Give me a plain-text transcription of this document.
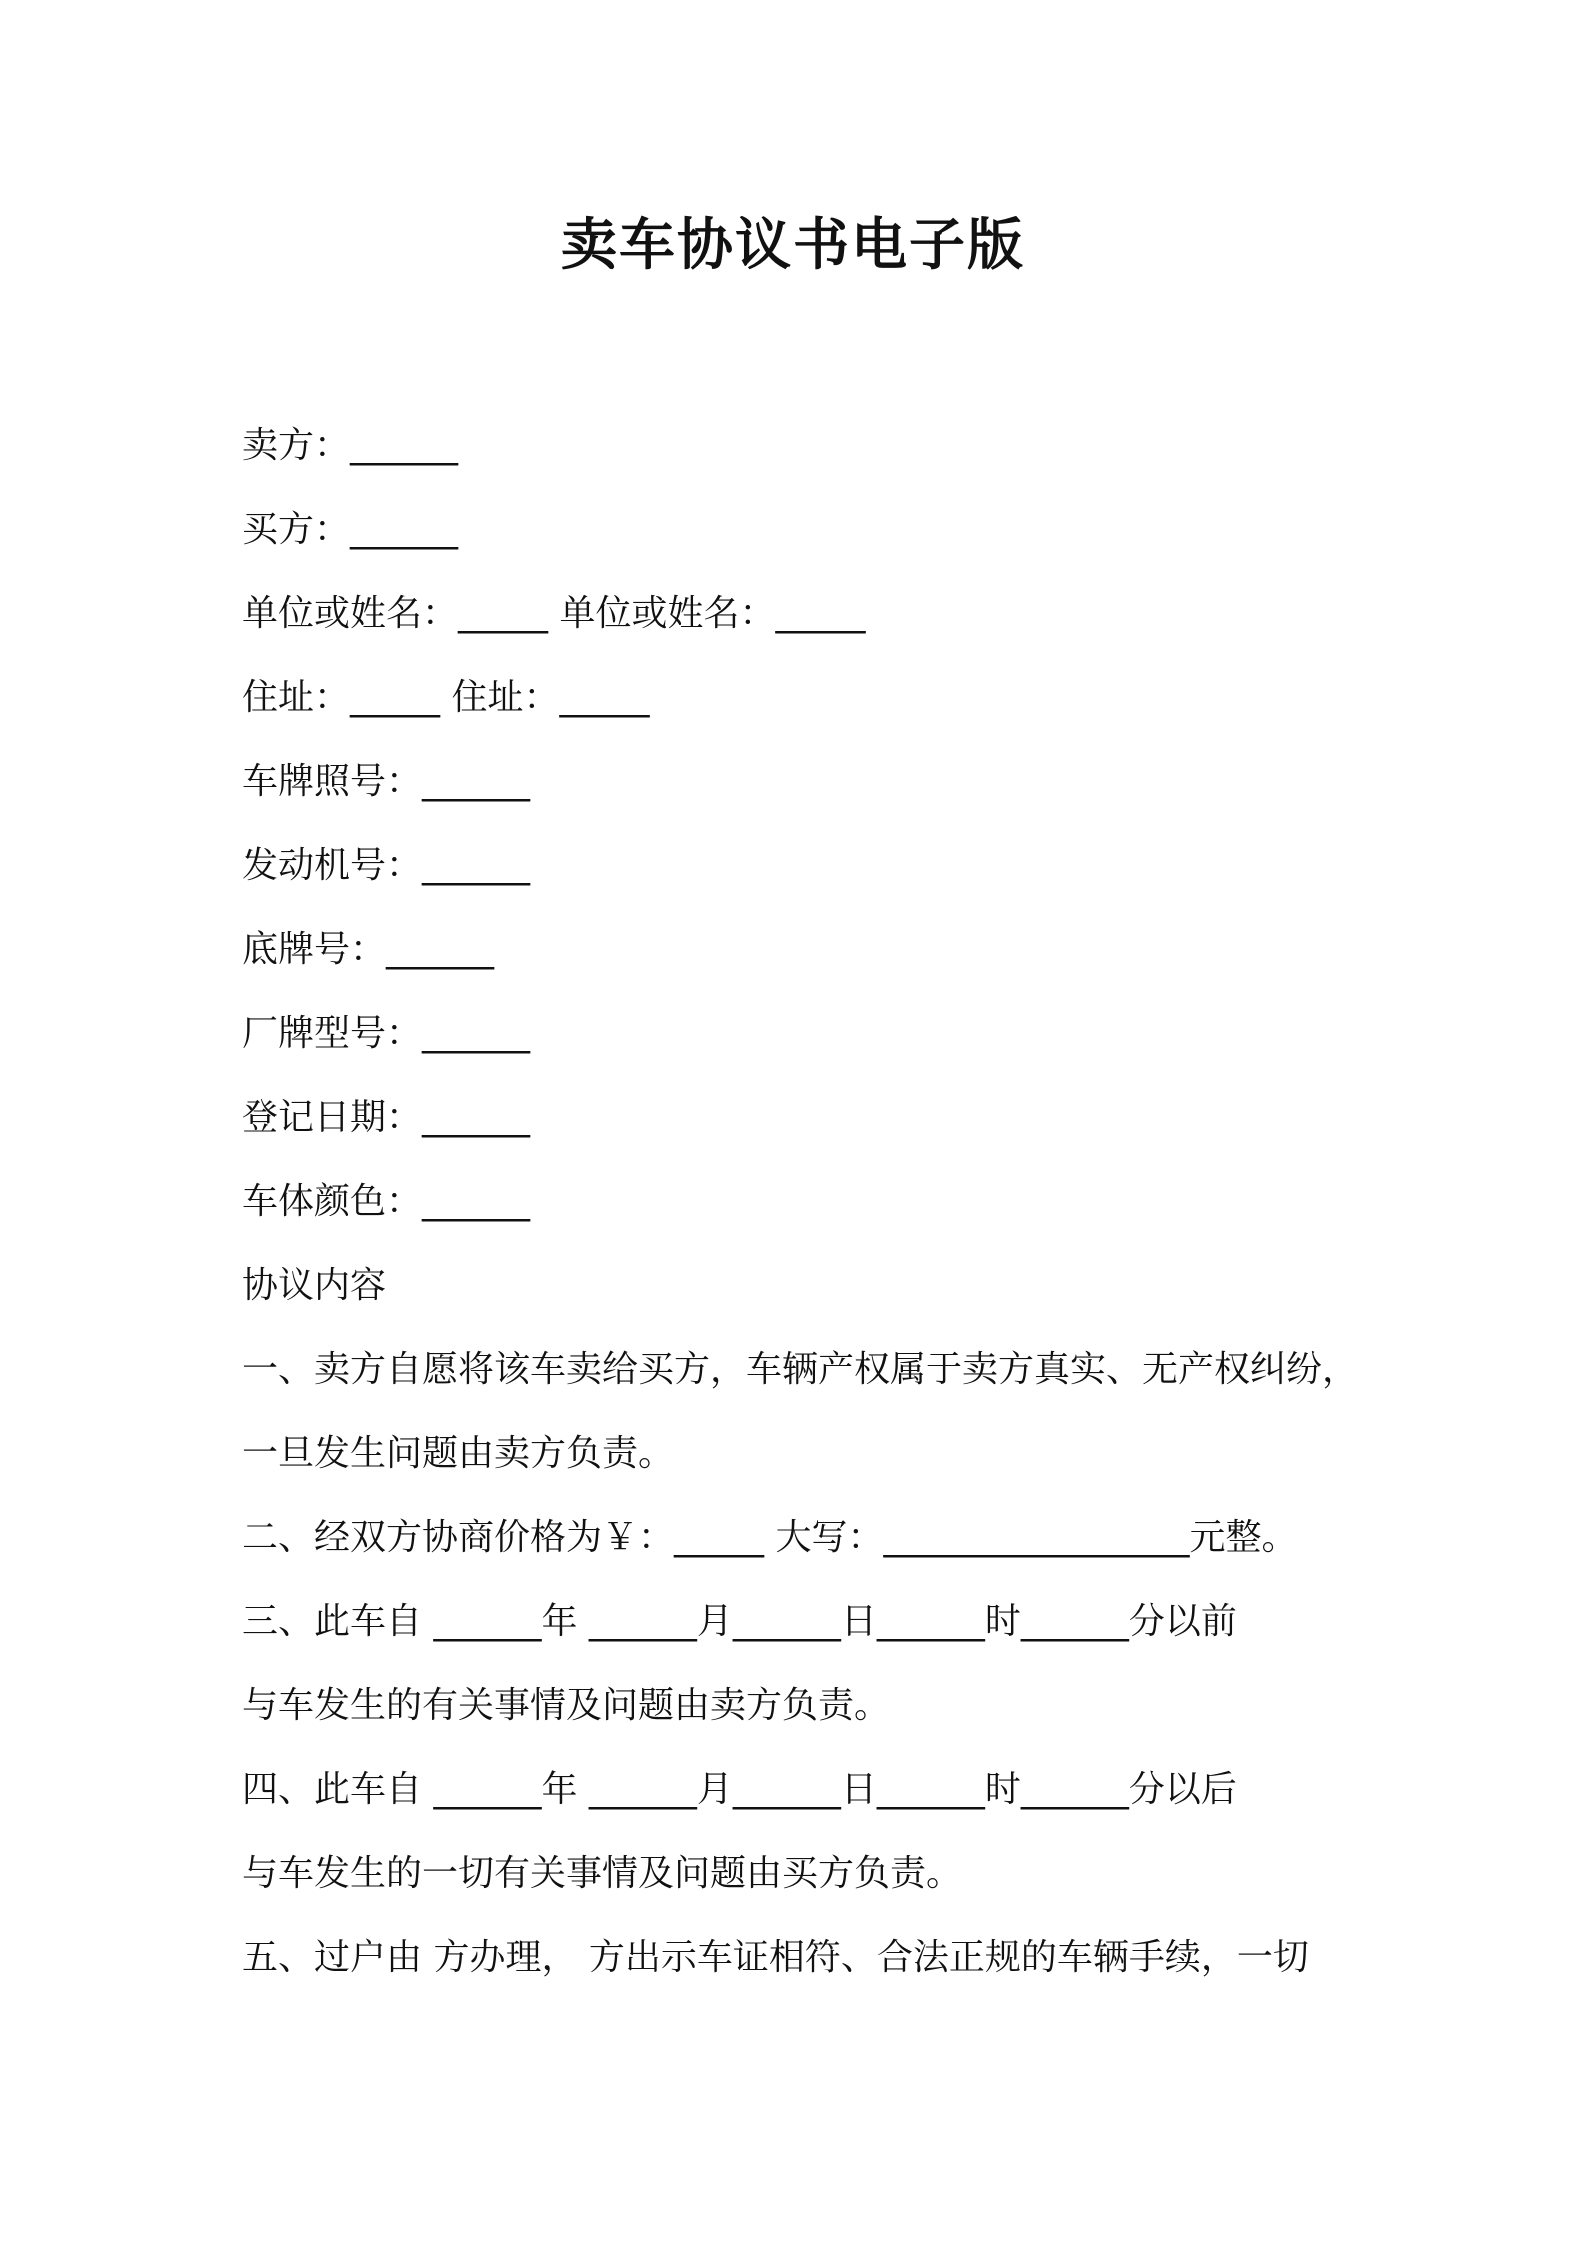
卖车协议书电子版

卖方：______

买方：______

单位或姓名：_____ 单位或姓名：_____

住址：_____ 住址：_____

车牌照号：______

发动机号：______

底牌号：______

厂牌型号：______

登记日期：______

车体颜色：______

协议内容

一、卖方自愿将该车卖给买方，车辆产权属于卖方真实、无产权纠纷，

一旦发生问题由卖方负责。

二、经双方协商价格为￥：_____ 大写：_________________元整。

三、此车自 ______年 ______月______日______时______分以前

与车发生的有关事情及问题由卖方负责。

四、此车自 ______年 ______月______日______时______分以后

与车发生的一切有关事情及问题由买方负责。

五、过户由 方办理， 方出示车证相符、合法正规的车辆手续，一切
